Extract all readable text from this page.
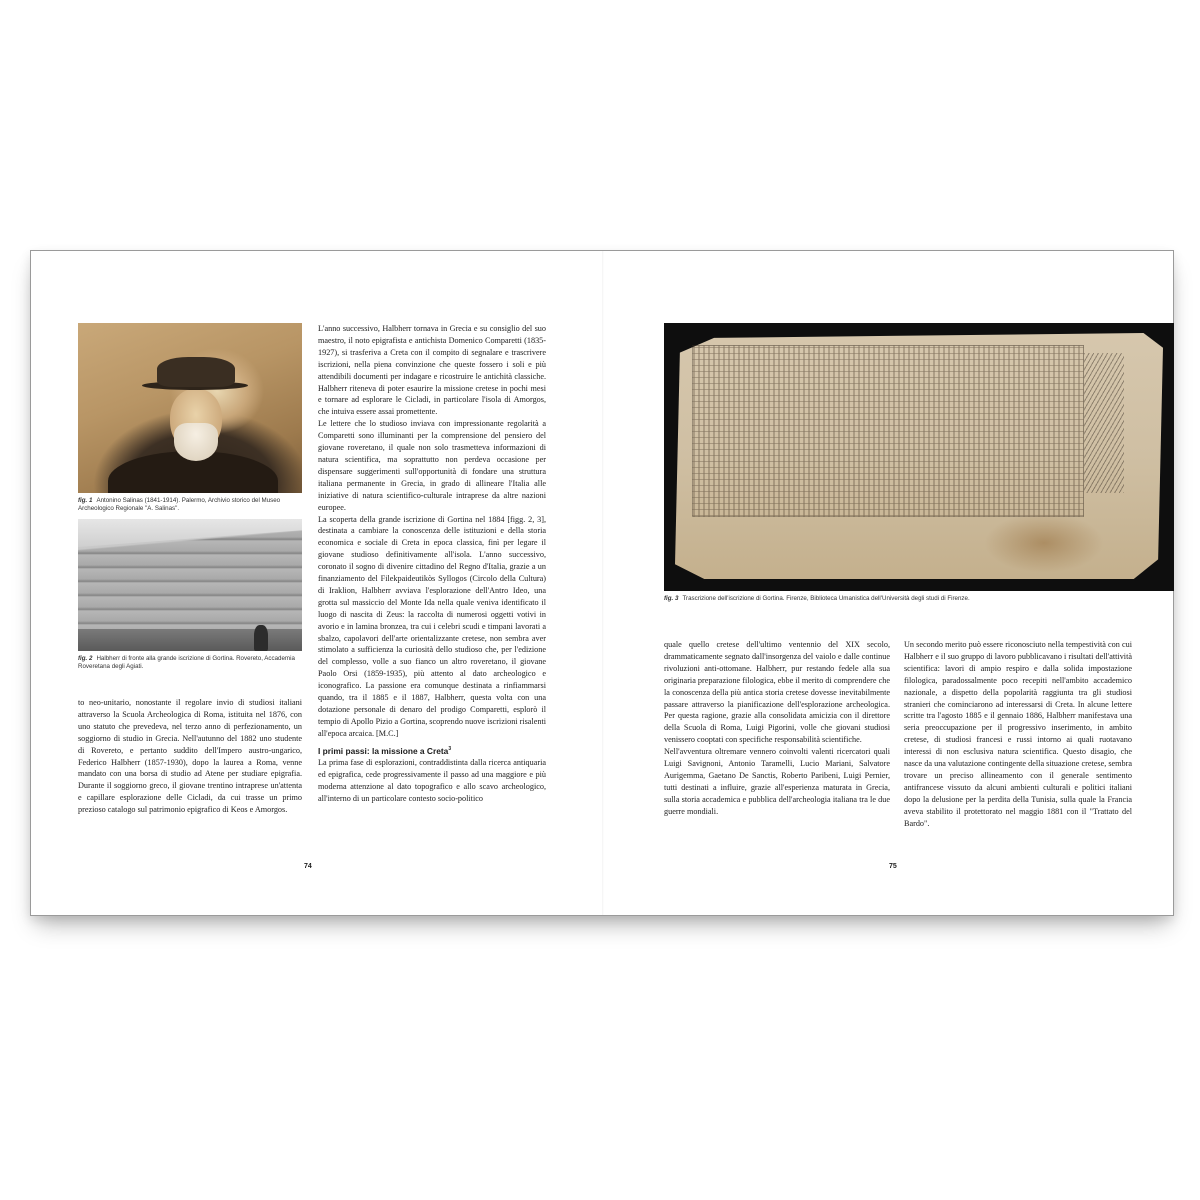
fig. 1 Antonino Salinas (1841-1914). Palermo, Archivio storico del Museo Archeologico Regionale "A. Salinas".
fig. 2 Halbherr di fronte alla grande iscrizione di Gortina. Rovereto, Accademia Roveretana degli Agiati.

to neo-unitario, nonostante il regolare invio di studiosi italiani attraverso la Scuola Archeologica di Roma, istituita nel 1876, con uno statuto che prevedeva, nel terzo anno di perfezionamento, un soggiorno di studio in Grecia. Nell'autunno del 1882 uno studente di Rovereto, e pertanto suddito dell'Impero austro-ungarico, Federico Halbherr (1857-1930), dopo la laurea a Roma, venne mandato con una borsa di studio ad Atene per studiare epigrafia. Durante il soggiorno greco, il giovane trentino intraprese un'attenta e capillare esplorazione delle Cicladi, da cui trasse un primo prezioso catalogo sul patrimonio epigrafico di Keos e Amorgos.

L'anno successivo, Halbherr tornava in Grecia e su consiglio del suo maestro, il noto epigrafista e antichista Domenico Comparetti (1835-1927), si trasferiva a Creta con il compito di segnalare e trascrivere iscrizioni, nella piena convinzione che queste fossero i soli e più attendibili documenti per indagare e ricostruire le antichità classiche. Halbherr riteneva di poter esaurire la missione cretese in pochi mesi e tornare ad esplorare le Cicladi, in particolare l'isola di Amorgos, che intuiva essere assai promettente.

Le lettere che lo studioso inviava con impressionante regolarità a Comparetti sono illuminanti per la comprensione del pensiero del giovane roveretano, il quale non solo trasmetteva informazioni di natura scientifica, ma soprattutto non perdeva occasione per dispensare suggerimenti sull'opportunità di fondare una struttura italiana permanente in Grecia, in grado di allineare l'Italia alle iniziative di natura scientifico-culturale intraprese da altre nazioni europee.

La scoperta della grande iscrizione di Gortina nel 1884 [figg. 2, 3], destinata a cambiare la conoscenza delle istituzioni e della storia economica e sociale di Creta in epoca classica, finì per legare il giovane studioso definitivamente all'isola. L'anno successivo, coronato il sogno di divenire cittadino del Regno d'Italia, grazie a un finanziamento del Filekpaideutikòs Syllogos (Circolo della Cultura) di Iraklion, Halbherr avviava l'esplorazione dell'Antro Ideo, una grotta sul massiccio del Monte Ida nella quale veniva identificato il luogo di nascita di Zeus: la raccolta di numerosi oggetti votivi in avorio e in lamina bronzea, tra cui i celebri scudi e timpani lavorati a sbalzo, capolavori dell'arte orientalizzante cretese, non sembra aver stimolato a sufficienza la curiosità dello studioso che, per l'edizione del complesso, volle a suo fianco un altro roveretano, il giovane Paolo Orsi (1859-1935), più attento al dato archeologico e iconografico. La passione era comunque destinata a rinfiammarsi quando, tra il 1885 e il 1887, Halbherr, questa volta con una dotazione personale di denaro del prodigo Comparetti, esplorò il tempio di Apollo Pizio a Gortina, scoprendo nuove iscrizioni risalenti all'epoca arcaica. [M.C.]

I primi passi: la missione a Creta$^3$

La prima fase di esplorazioni, contraddistinta dalla ricerca antiquaria ed epigrafica, cede progressivamente il passo ad una maggiore e più moderna attenzione al dato topografico e allo scavo archeologico, all'interno di un particolare contesto socio-politico

74
fig. 3 Trascrizione dell'iscrizione di Gortina. Firenze, Biblioteca Umanistica dell'Università degli studi di Firenze.

quale quello cretese dell'ultimo ventennio del XIX secolo, drammaticamente segnato dall'insorgenza del vaiolo e dalle continue rivoluzioni anti-ottomane. Halbherr, pur restando fedele alla sua originaria preparazione filologica, ebbe il merito di comprendere che la conoscenza della più antica storia cretese dovesse inevitabilmente passare attraverso la pianificazione dell'esplorazione archeologica. Per questa ragione, grazie alla consolidata amicizia con il direttore della Scuola di Roma, Luigi Pigorini, volle che giovani studiosi venissero cooptati con specifiche responsabilità scientifiche.

Nell'avventura oltremare vennero coinvolti valenti ricercatori quali Luigi Savignoni, Antonio Taramelli, Lucio Mariani, Salvatore Aurigemma, Gaetano De Sanctis, Roberto Paribeni, Luigi Pernier, tutti destinati a influire, grazie all'esperienza maturata in Grecia, sulla storia accademica e pubblica dell'archeologia italiana tra le due guerre mondiali.

Un secondo merito può essere riconosciuto nella tempestività con cui Halbherr e il suo gruppo di lavoro pubblicavano i risultati dell'attività scientifica: lavori di ampio respiro e dalla solida impostazione filologica, paradossalmente poco recepiti nell'ambito accademico nazionale, a dispetto della popolarità raggiunta tra gli studiosi stranieri che cominciarono ad interessarsi di Creta. In alcune lettere scritte tra l'agosto 1885 e il gennaio 1886, Halbherr manifestava una seria preoccupazione per il progressivo inserimento, in ambito cretese, di studiosi francesi e russi intorno ai quali ruotavano interessi di non esclusiva natura scientifica. Questo disagio, che nasce da una valutazione contingente della situazione cretese, sembra trovare un preciso allineamento con il generale sentimento antifrancese vissuto da alcuni ambienti culturali e politici italiani dopo la delusione per la perdita della Tunisia, sulla quale la Francia aveva stabilito il protettorato nel maggio 1881 con il "Trattato del Bardo".

75
